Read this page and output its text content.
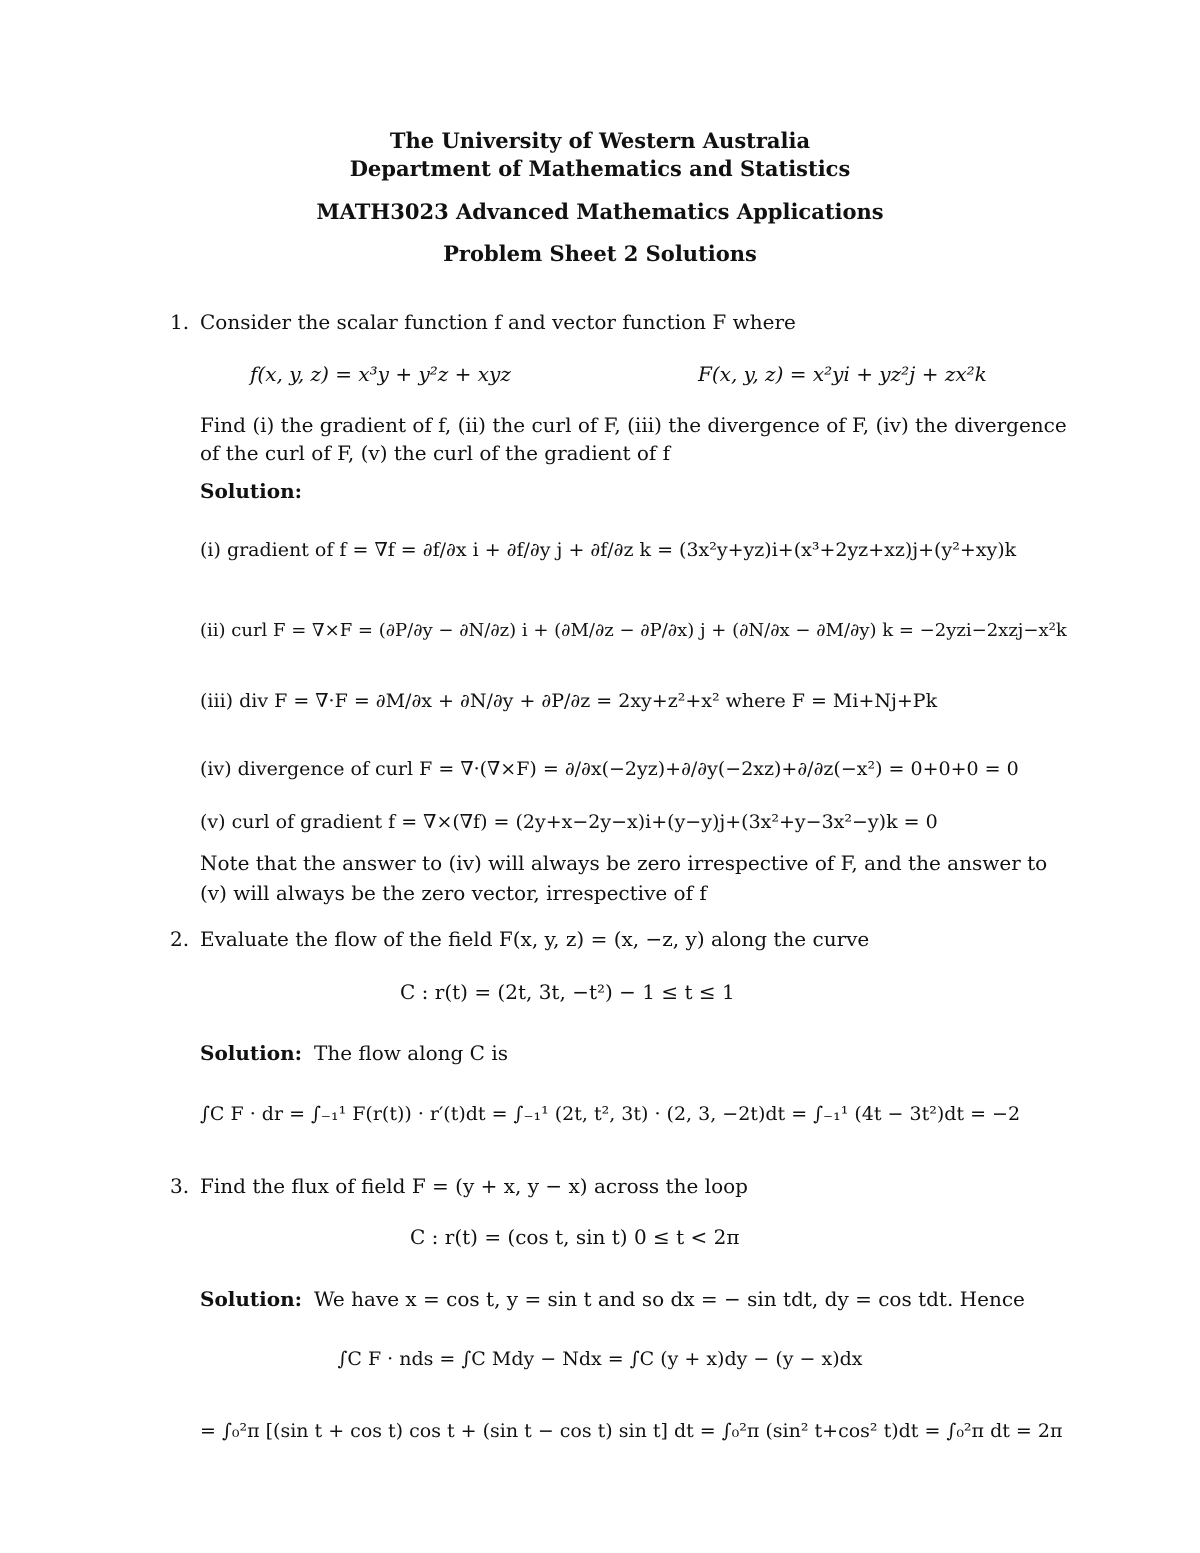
The University of Western Australia
Department of Mathematics and Statistics
MATH3023 Advanced Mathematics Applications
Problem Sheet 2 Solutions
1. Consider the scalar function f and vector function F where
f(x, y, z) = x³y + y²z + xyz	F(x, y, z) = x²yi + yz²j + zx²k
Find (i) the gradient of f, (ii) the curl of F, (iii) the divergence of F, (iv) the divergence
of the curl of F, (v) the curl of the gradient of f
Solution:
(i) gradient of f = ∇f = ∂f/∂x i + ∂f/∂y j + ∂f/∂z k = (3x²y+yz)i+(x³+2yz+xz)j+(y²+xy)k
(ii) curl F = ∇×F = (∂P/∂y − ∂N/∂z) i + (∂M/∂z − ∂P/∂x) j + (∂N/∂x − ∂M/∂y) k = −2yzi−2xzj−x²k
(iii) div F = ∇·F = ∂M/∂x + ∂N/∂y + ∂P/∂z = 2xy+z²+x² where F = Mi+Nj+Pk
(iv) divergence of curl F = ∇·(∇×F) = ∂/∂x(−2yz)+∂/∂y(−2xz)+∂/∂z(−x²) = 0+0+0 = 0
(v) curl of gradient f = ∇×(∇f) = (2y+x−2y−x)i+(y−y)j+(3x²+y−3x²−y)k = 0
Note that the answer to (iv) will always be zero irrespective of F, and the answer to
(v) will always be the zero vector, irrespective of f
2. Evaluate the flow of the field F(x, y, z) = (x, −z, y) along the curve
C : r(t) = (2t, 3t, −t²) − 1 ≤ t ≤ 1
Solution: The flow along C is
∫C F · dr = ∫₋₁¹ F(r(t)) · r′(t)dt = ∫₋₁¹ (2t, t², 3t) · (2, 3, −2t)dt = ∫₋₁¹ (4t − 3t²)dt = −2
3. Find the flux of field F = (y + x, y − x) across the loop
C : r(t) = (cos t, sin t) 0 ≤ t < 2π
Solution: We have x = cos t, y = sin t and so dx = − sin tdt, dy = cos tdt. Hence
∫C F · nds = ∫C Mdy − Ndx = ∫C (y + x)dy − (y − x)dx
= ∫₀²π [(sin t + cos t) cos t + (sin t − cos t) sin t] dt = ∫₀²π (sin² t+cos² t)dt = ∫₀²π dt = 2π
